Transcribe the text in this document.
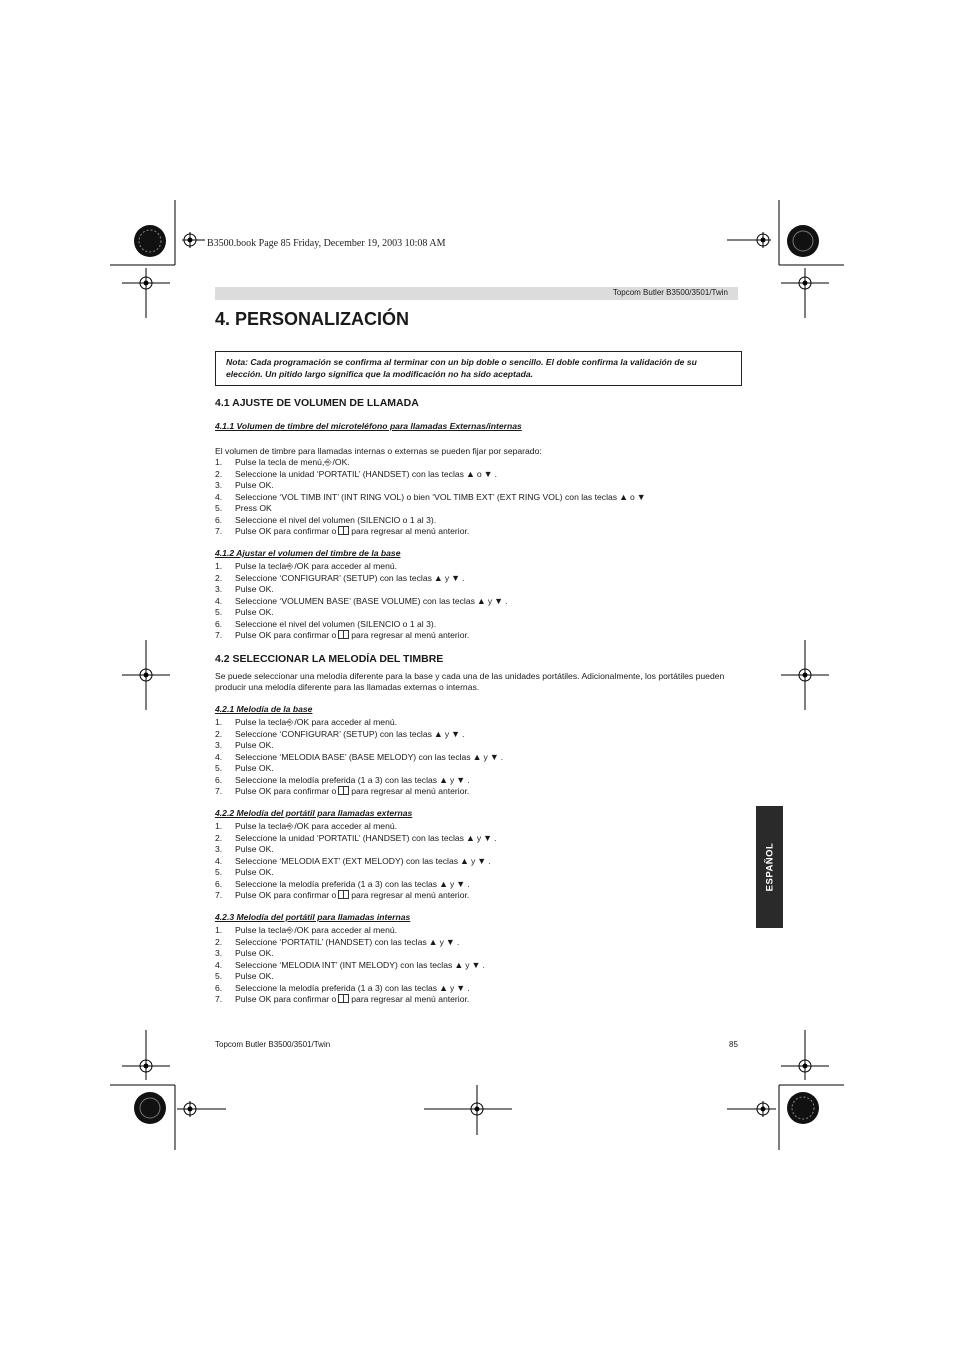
B3500.book Page 85 Friday, December 19, 2003 10:08 AM
Topcom Butler B3500/3501/Twin
4. PERSONALIZACIÓN
Nota: Cada programación se confirma al terminar con un bip doble o sencillo. El doble confirma la validación de su elección. Un pitido largo significa que la modificación no ha sido aceptada.
4.1 AJUSTE DE VOLUMEN DE LLAMADA
4.1.1 Volumen de timbre del microteléfono para llamadas Externas/internas
El volumen de timbre para llamadas internas o externas se pueden fijar por separado:
1.	Pulse la tecla de menú, ⎆ /OK.
2.	Seleccione la unidad ‘PORTATIL’ (HANDSET) con las teclas ▲ o ▼ .
3.	Pulse OK.
4.	Seleccione ‘VOL TIMB INT’ (INT RING VOL) o bien ‘VOL TIMB EXT’ (EXT RING VOL) con las teclas ▲ o ▼
5.	Press OK
6.	Seleccione el nivel del volumen (SILENCIO o 1 al 3).
7.	Pulse OK para confirmar o para regresar al menú anterior.
4.1.2 Ajustar el volumen del timbre de la base
1.	Pulse la tecla ⎆ /OK para acceder al menú.
2.	Seleccione ‘CONFIGURAR’ (SETUP) con las teclas ▲ y ▼ .
3.	Pulse OK.
4.	Seleccione ‘VOLUMEN BASE’ (BASE VOLUME) con las teclas ▲ y ▼ .
5.	Pulse OK.
6.	Seleccione el nivel del volumen (SILENCIO o 1 al 3).
7.	Pulse OK para confirmar o para regresar al menú anterior.
4.2 SELECCIONAR LA MELODÍA DEL TIMBRE
Se puede seleccionar una melodía diferente para la base y cada una de las unidades portátiles. Adicionalmente, los portátiles pueden producir una melodía diferente para las llamadas externas o internas.
4.2.1 Melodía de la base
1.	Pulse la tecla ⎆ /OK para acceder al menú.
2.	Seleccione ‘CONFIGURAR’ (SETUP) con las teclas ▲ y ▼ .
3.	Pulse OK.
4.	Seleccione ‘MELODIA BASE’ (BASE MELODY) con las teclas ▲ y ▼ .
5.	Pulse OK.
6.	Seleccione la melodía preferida (1 a 3) con las teclas ▲ y ▼ .
7.	Pulse OK para confirmar o para regresar al menú anterior.
4.2.2 Melodía del portátil para llamadas externas
1.	Pulse la tecla ⎆ /OK para acceder al menú.
2.	Seleccione la unidad ‘PORTATIL’ (HANDSET) con las teclas ▲ y ▼ .
3.	Pulse OK.
4.	Seleccione ‘MELODIA EXT’ (EXT MELODY) con las teclas ▲ y ▼ .
5.	Pulse OK.
6.	Seleccione la melodía preferida (1 a 3) con las teclas ▲ y ▼ .
7.	Pulse OK para confirmar o para regresar al menú anterior.
4.2.3 Melodía del portátil para llamadas internas
1.	Pulse la tecla ⎆ /OK para acceder al menú.
2.	Seleccione ‘PORTATIL’ (HANDSET) con las teclas ▲ y ▼ .
3.	Pulse OK.
4.	Seleccione ‘MELODIA INT’ (INT MELODY) con las teclas ▲ y ▼ .
5.	Pulse OK.
6.	Seleccione la melodía preferida (1 a 3) con las teclas ▲ y ▼ .
7.	Pulse OK para confirmar o para regresar al menú anterior.
ESPAÑOL
Topcom Butler B3500/3501/Twin	85
